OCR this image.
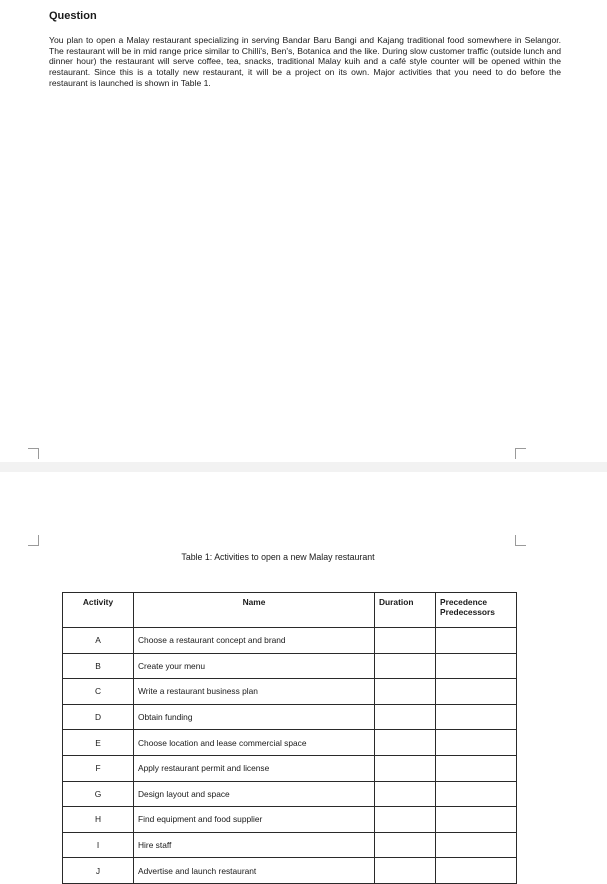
Question
You plan to open a Malay restaurant specializing in serving Bandar Baru Bangi and Kajang traditional food somewhere in Selangor. The restaurant will be in mid range price similar to Chilli's, Ben's, Botanica and the like. During slow customer traffic (outside lunch and dinner hour) the restaurant will serve coffee, tea, snacks, traditional Malay kuih and a café style counter will be opened within the restaurant. Since this is a totally new restaurant, it will be a project on its own. Major activities that you need to do before the restaurant is launched is shown in Table 1.
Table 1: Activities to open a new Malay restaurant
Activity	Name	Duration	Precedence Predecessors
A	Choose a restaurant concept and brand		
B	Create your menu		
C	Write a restaurant business plan		
D	Obtain funding		
E	Choose location and lease commercial space		
F	Apply restaurant permit and license		
G	Design layout and space		
H	Find equipment and food supplier		
I	Hire staff		
J	Advertise and launch restaurant		
